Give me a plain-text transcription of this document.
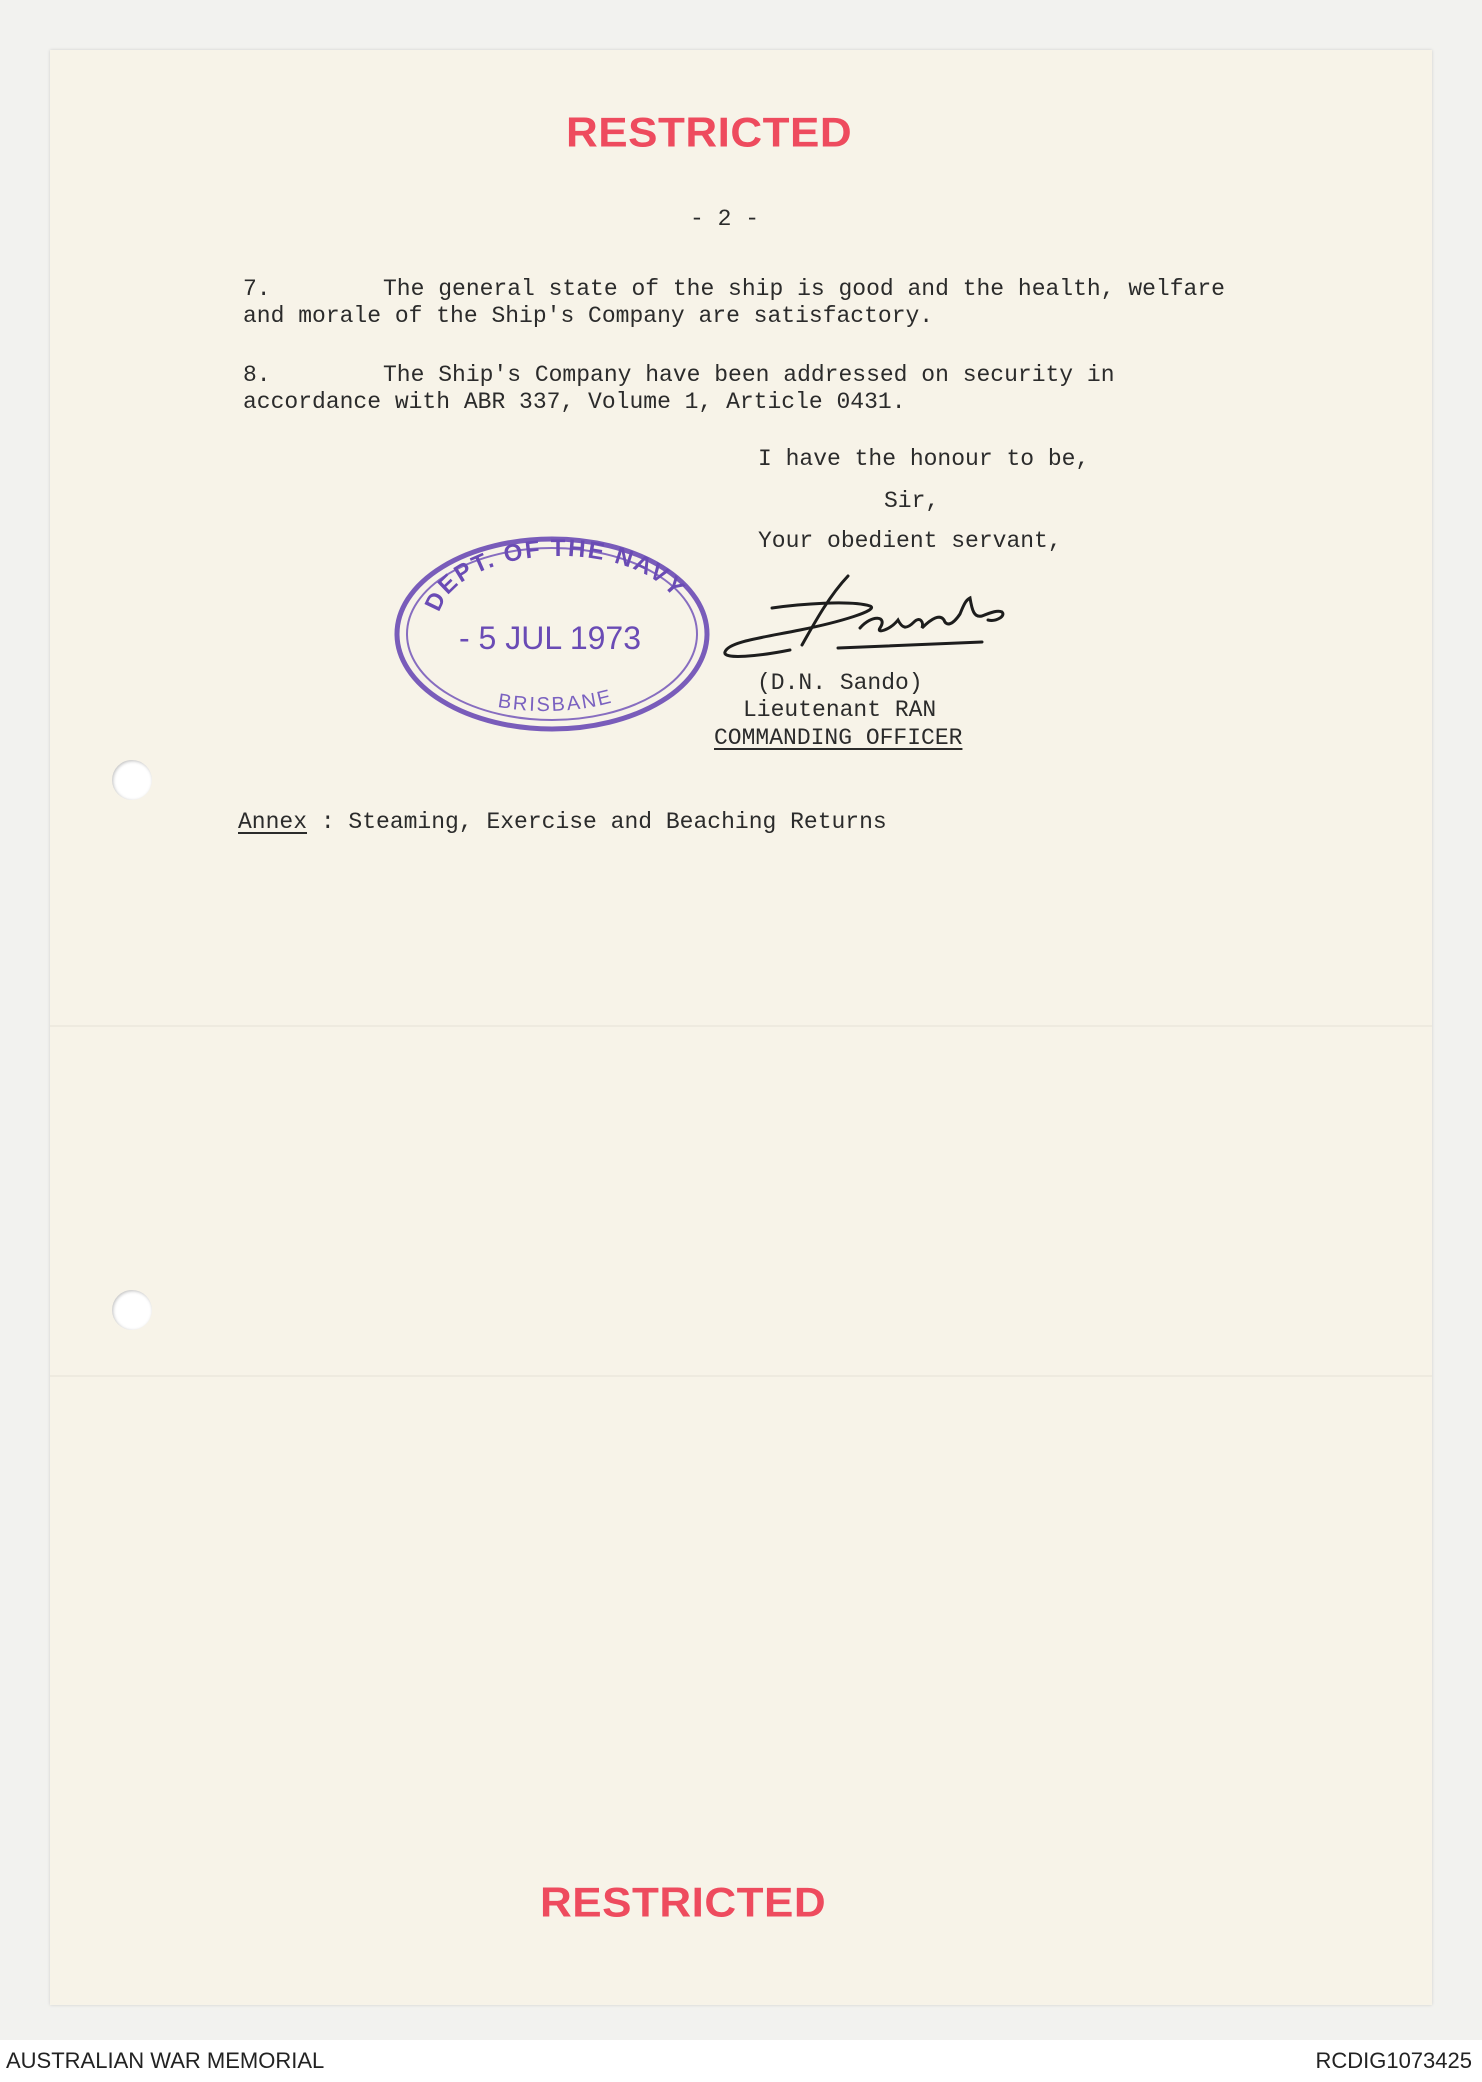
RESTRICTED
- 2 -
7.	The general state of the ship is good and the health, welfare
and morale of the Ship's Company are satisfactory.
8.	The Ship's Company have been addressed on security in
accordance with ABR 337, Volume 1, Article 0431.
I have the honour to be,
Sir,
Your obedient servant,
DEPT. OF THE NAVY
- 5 JUL 1973
BRISBANE
(D.N. Sando)
Lieutenant RAN
COMMANDING OFFICER
Annex : Steaming, Exercise and Beaching Returns
RESTRICTED
AUSTRALIAN WAR MEMORIAL	RCDIG1073425
